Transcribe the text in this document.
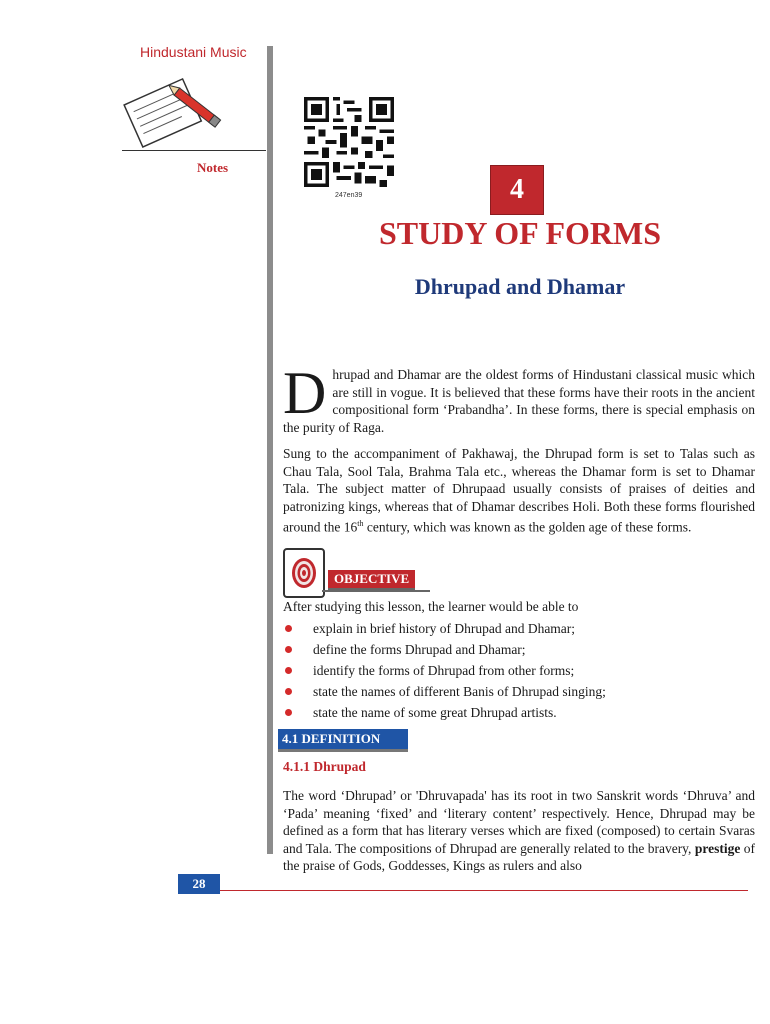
Hindustani Music
Notes
247en39	4
STUDY OF FORMS
Dhrupad and Dhamar
D hrupad and Dhamar are the oldest forms of Hindustani classical music which are still in vogue. It is believed that these forms have their roots in the ancient compositional form ‘Prabandha’. In these forms, there is special emphasis on the purity of Raga.
Sung to the accompaniment of Pakhawaj, the Dhrupad form is set to Talas such as Chau Tala, Sool Tala, Brahma Tala etc., whereas the Dhamar form is set to Dhamar Tala. The subject matter of Dhrupaad usually consists of praises of deities and patronizing kings, whereas that of Dhamar describes Holi. Both these forms flourished around the 16th century, which was known as the golden age of these forms.
OBJECTIVE
After studying this lesson, the learner would be able to
explain in brief history of Dhrupad and Dhamar;
define the forms Dhrupad and Dhamar;
identify the forms of Dhrupad from other forms;
state the names of different Banis of Dhrupad singing;
state the name of some great Dhrupad artists.
4.1 DEFINITION
4.1.1 Dhrupad
The word ‘Dhrupad’ or 'Dhruvapada' has its root in two Sanskrit words ‘Dhruva’ and ‘Pada’ meaning ‘fixed’ and ‘literary content’ respectively. Hence, Dhrupad may be defined as a form that has literary verses which are fixed (composed) to certain Svaras and Tala. The compositions of Dhrupad are generally related to the bravery, prestige of the praise of Gods, Goddesses, Kings as rulers and also
28
